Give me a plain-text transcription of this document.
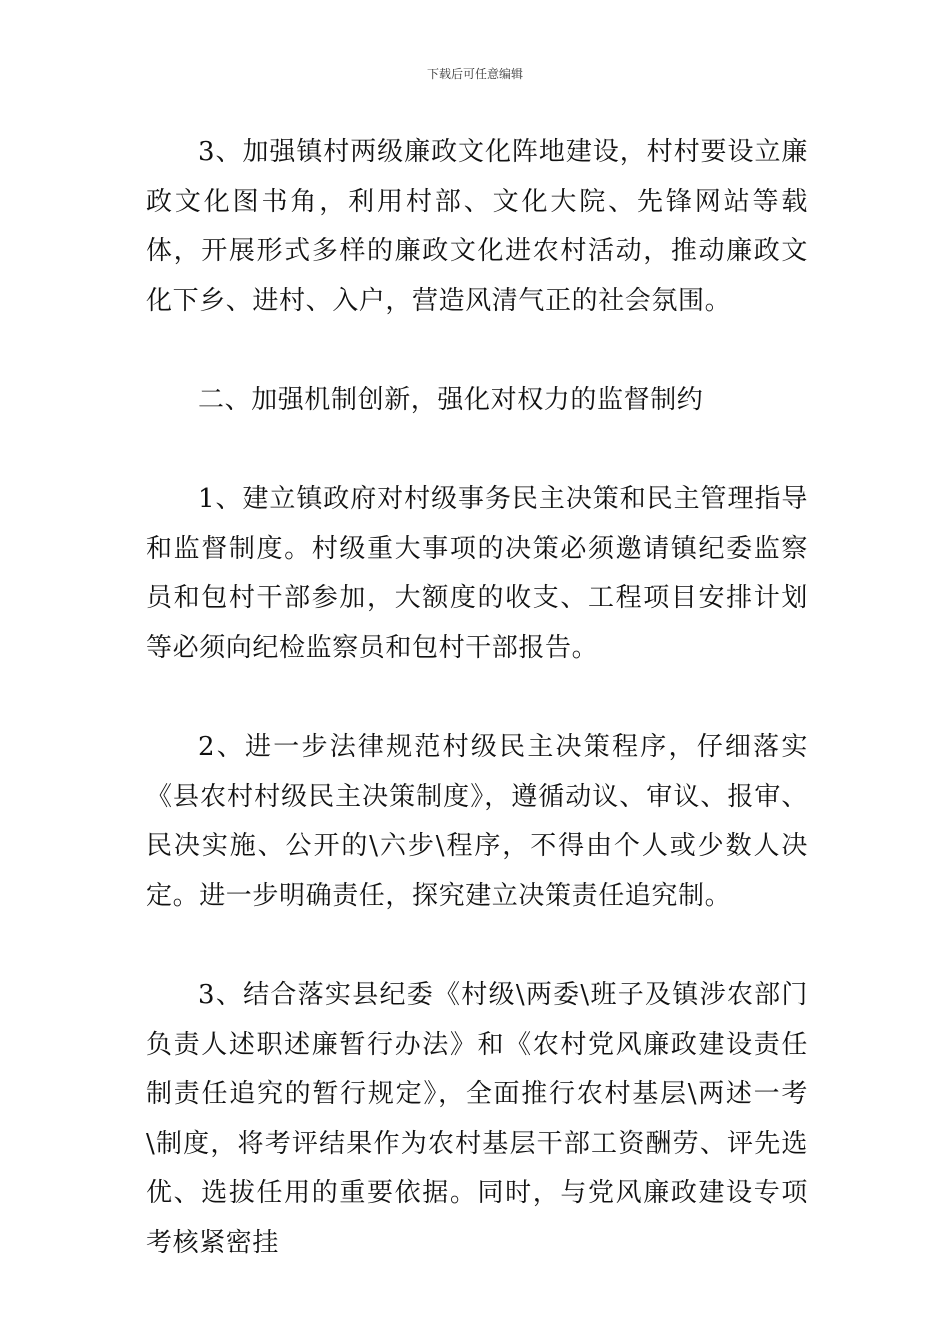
下载后可任意编辑

3、加强镇村两级廉政文化阵地建设，村村要设立廉政文化图书角，利用村部、文化大院、先锋网站等载体，开展形式多样的廉政文化进农村活动，推动廉政文化下乡、进村、入户，营造风清气正的社会氛围。

二、加强机制创新，强化对权力的监督制约

1、建立镇政府对村级事务民主决策和民主管理指导和监督制度。村级重大事项的决策必须邀请镇纪委监察员和包村干部参加，大额度的收支、工程项目安排计划等必须向纪检监察员和包村干部报告。

2、进一步法律规范村级民主决策程序，仔细落实《县农村村级民主决策制度》，遵循动议、审议、报审、民决实施、公开的\六步\程序，不得由个人或少数人决定。进一步明确责任，探究建立决策责任追究制。

3、结合落实县纪委《村级\两委\班子及镇涉农部门负责人述职述廉暂行办法》和《农村党风廉政建设责任制责任追究的暂行规定》，全面推行农村基层\两述一考\制度，将考评结果作为农村基层干部工资酬劳、评先选优、选拔任用的重要依据。同时，与党风廉政建设专项考核紧密挂
